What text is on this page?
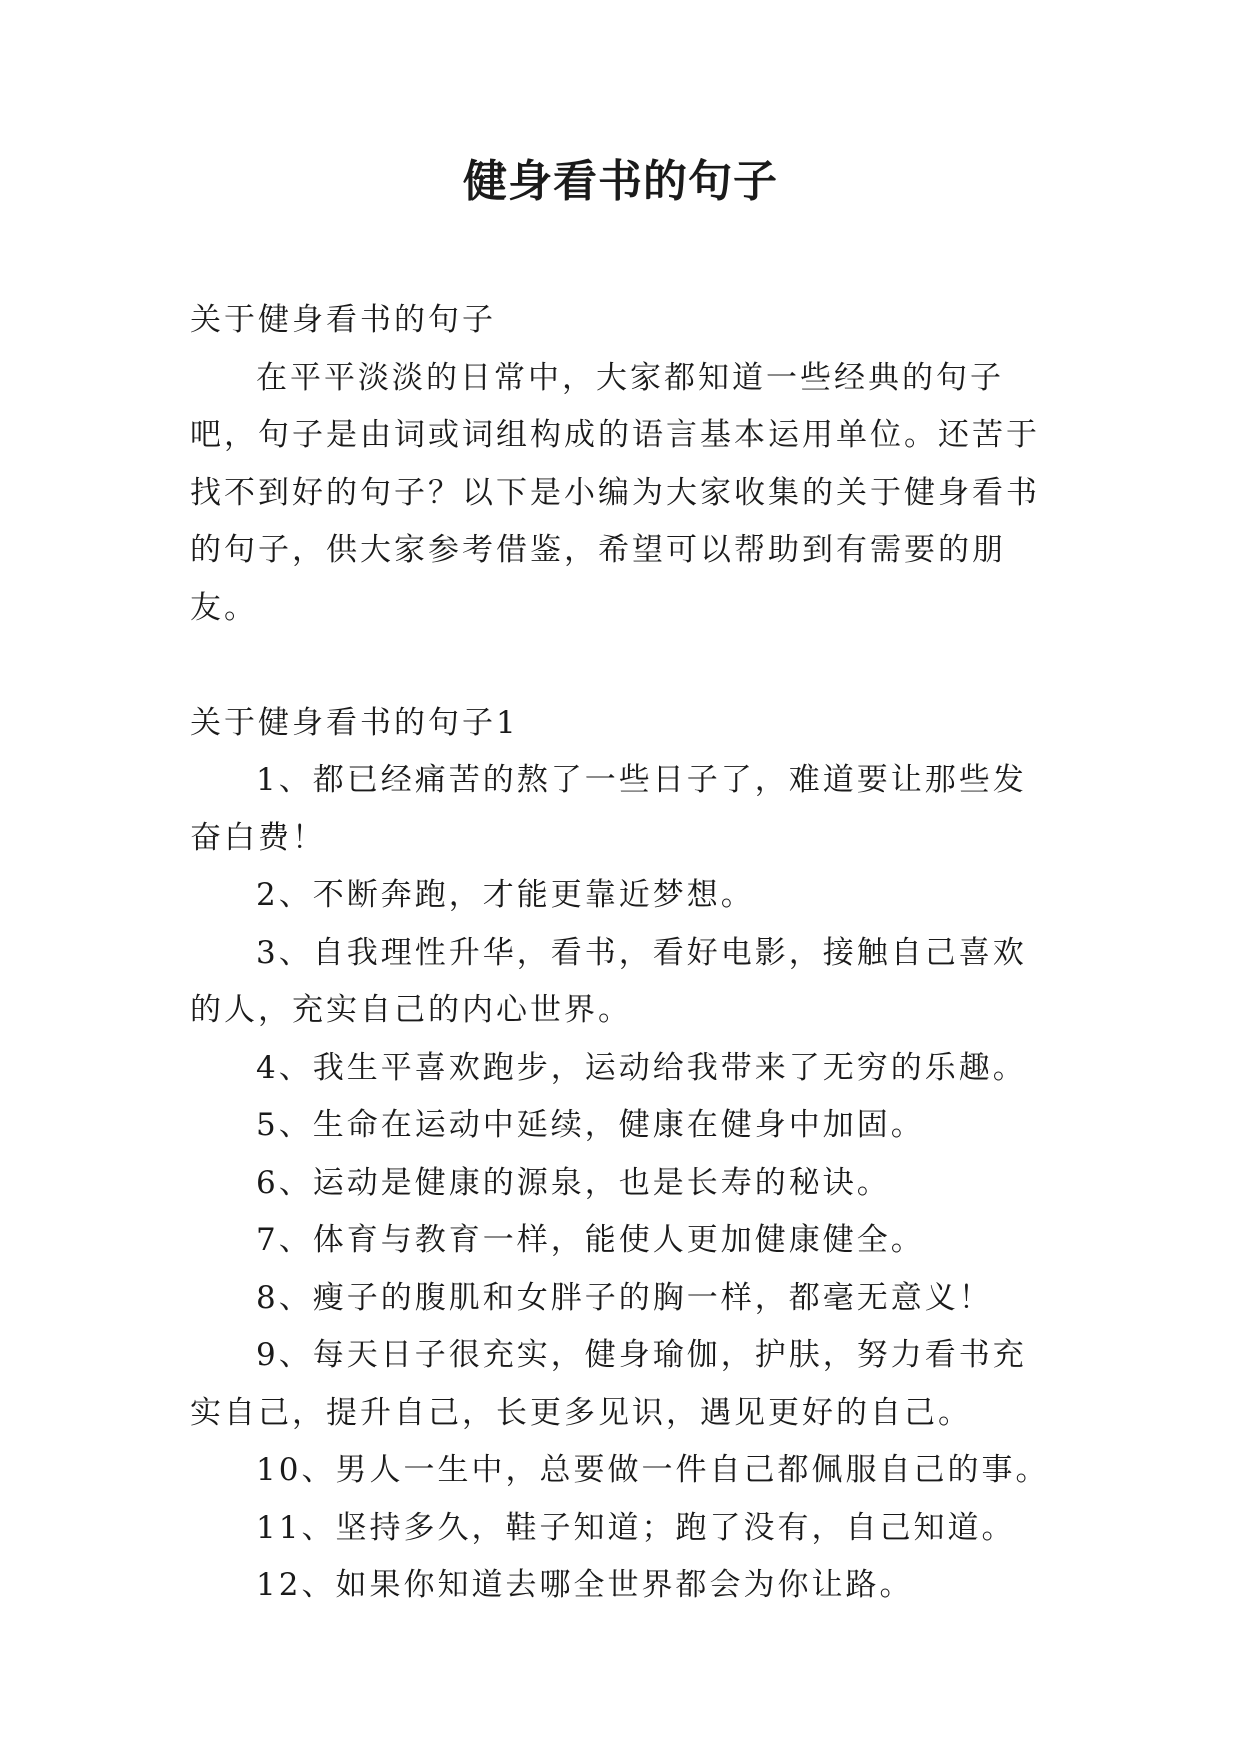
健身看书的句子

关于健身看书的句子

在平平淡淡的日常中，大家都知道一些经典的句子吧，句子是由词或词组构成的语言基本运用单位。还苦于找不到好的句子？以下是小编为大家收集的关于健身看书的句子，供大家参考借鉴，希望可以帮助到有需要的朋友。

关于健身看书的句子1

1、都已经痛苦的熬了一些日子了，难道要让那些发奋白费！

2、不断奔跑，才能更靠近梦想。

3、自我理性升华，看书，看好电影，接触自己喜欢的人，充实自己的内心世界。

4、我生平喜欢跑步，运动给我带来了无穷的乐趣。

5、生命在运动中延续，健康在健身中加固。

6、运动是健康的源泉，也是长寿的秘诀。

7、体育与教育一样，能使人更加健康健全。

8、瘦子的腹肌和女胖子的胸一样，都毫无意义！

9、每天日子很充实，健身瑜伽，护肤，努力看书充实自己，提升自己，长更多见识，遇见更好的自己。

10、男人一生中，总要做一件自己都佩服自己的事。

11、坚持多久，鞋子知道；跑了没有，自己知道。

12、如果你知道去哪全世界都会为你让路。
